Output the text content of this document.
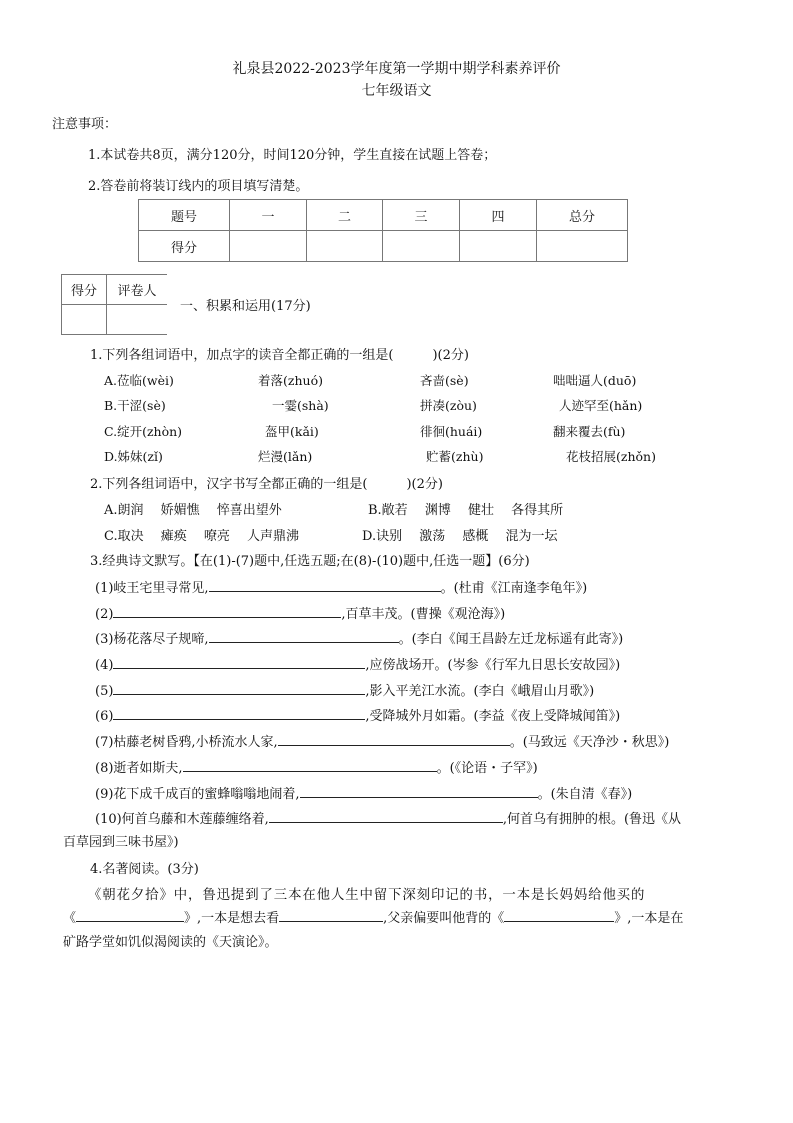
礼泉县2022-2023学年度第一学期中期学科素养评价
七年级语文
注意事项：
1.本试卷共8页，满分120分，时间120分钟，学生直接在试题上答卷；
2.答卷前将装订线内的项目填写清楚。
题号	一	二	三	四	总分
得分					
得分	评卷人

一、积累和运用(17分)
1.下列各组词语中，加点字的读音全都正确的一组是(　　　)(2分)
A.莅临(wèi)	着落(zhuó)	吝啬(sè)	咄咄逼人(duō)
B.干涩(sè)	一霎(shà)	拼凑(zòu)	人迹罕至(hǎn)
C.绽开(zhòn)	盔甲(kǎi)	徘徊(huái)	翻来覆去(fù)
D.姊妹(zǐ)	烂漫(lǎn)	贮蓄(zhù)	花枝招展(zhǒn)
2.下列各组词语中，汉字书写全都正确的一组是(　　　)(2分)
A.朗润　 娇媚憔　 悴喜出望外	B.敞若　 渊博　 健壮　 各得其所
C.取决　 瘫痪　 嘹亮　 人声鼎沸	D.诀别　 激荡　 感概　 混为一坛
3.经典诗文默写。【在(1)-(7)题中,任选五题;在(8)-(10)题中,任选一题】(6分)
(1)岐王宅里寻常见,	。(杜甫《江南逢李龟年》)
(2)	,百草丰茂。(曹操《观沧海》)
(3)杨花落尽子规啼,	。(李白《闻王昌龄左迁龙标遥有此寄》)
(4)	,应傍战场开。(岑参《行军九日思长安故园》)
(5)	,影入平羌江水流。(李白《峨眉山月歌》)
(6)	,受降城外月如霜。(李益《夜上受降城闻笛》)
(7)枯藤老树昏鸦,小桥流水人家,	。(马致远《天净沙・秋思》)
(8)逝者如斯夫,	。(《论语・子罕》)
(9)花下成千成百的蜜蜂嗡嗡地闹着,	。(朱自清《春》)
(10)何首乌藤和木莲藤缠络着,	,何首乌有拥肿的根。(鲁迅《从
百草园到三味书屋》)
4.名著阅读。(3分)
《朝花夕拾》中，鲁迅提到了三本在他人生中留下深刻印记的书，一本是长妈妈给他买的
《	》,一本是想去看	,父亲偏要叫他背的《	》,一本是在
矿路学堂如饥似渴阅读的《天演论》。
